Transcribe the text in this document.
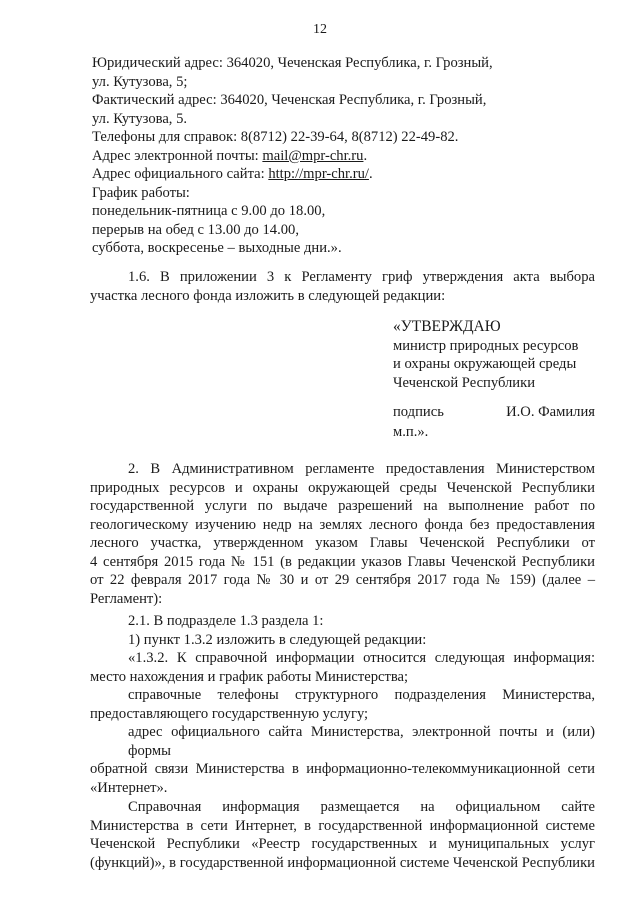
12
Юридический адрес: 364020, Чеченская Республика, г. Грозный,
ул. Кутузова, 5;
Фактический адрес: 364020, Чеченская Республика, г. Грозный,
ул. Кутузова, 5.
Телефоны для справок: 8(8712) 22-39-64, 8(8712) 22-49-82.
Адрес электронной почты: mail@mpr-chr.ru.
Адрес официального сайта: http://mpr-chr.ru/.
График работы:
понедельник-пятница с 9.00 до 18.00,
перерыв на обед с 13.00 до 14.00,
суббота, воскресенье – выходные дни.».
1.6. В приложении 3 к Регламенту гриф утверждения акта выбора
участка лесного фонда изложить в следующей редакции:
«УТВЕРЖДАЮ
министр природных ресурсов
и охраны окружающей среды
Чеченской Республики
подпись	И.О. Фамилия
м.п.».
2. В Административном регламенте предоставления Министерством
природных ресурсов и охраны окружающей среды Чеченской Республики
государственной услуги по выдаче разрешений на выполнение работ по
геологическому изучению недр на землях лесного фонда без предоставления
лесного участка, утвержденном указом Главы Чеченской Республики от
4 сентября 2015 года № 151 (в редакции указов Главы Чеченской Республики
от 22 февраля 2017 года № 30 и от 29 сентября 2017 года № 159) (далее –
Регламент):
2.1. В подразделе 1.3 раздела 1:
1) пункт 1.3.2 изложить в следующей редакции:
«1.3.2. К справочной информации относится следующая информация:
место нахождения и график работы Министерства;
справочные телефоны структурного подразделения Министерства,
предоставляющего государственную услугу;
адрес официального сайта Министерства, электронной почты и (или) формы
обратной связи Министерства в информационно-телекоммуникационной сети
«Интернет».
Справочная информация размещается на официальном сайте
Министерства в сети Интернет, в государственной информационной системе
Чеченской Республики «Реестр государственных и муниципальных услуг
(функций)», в государственной информационной системе Чеченской Республики
